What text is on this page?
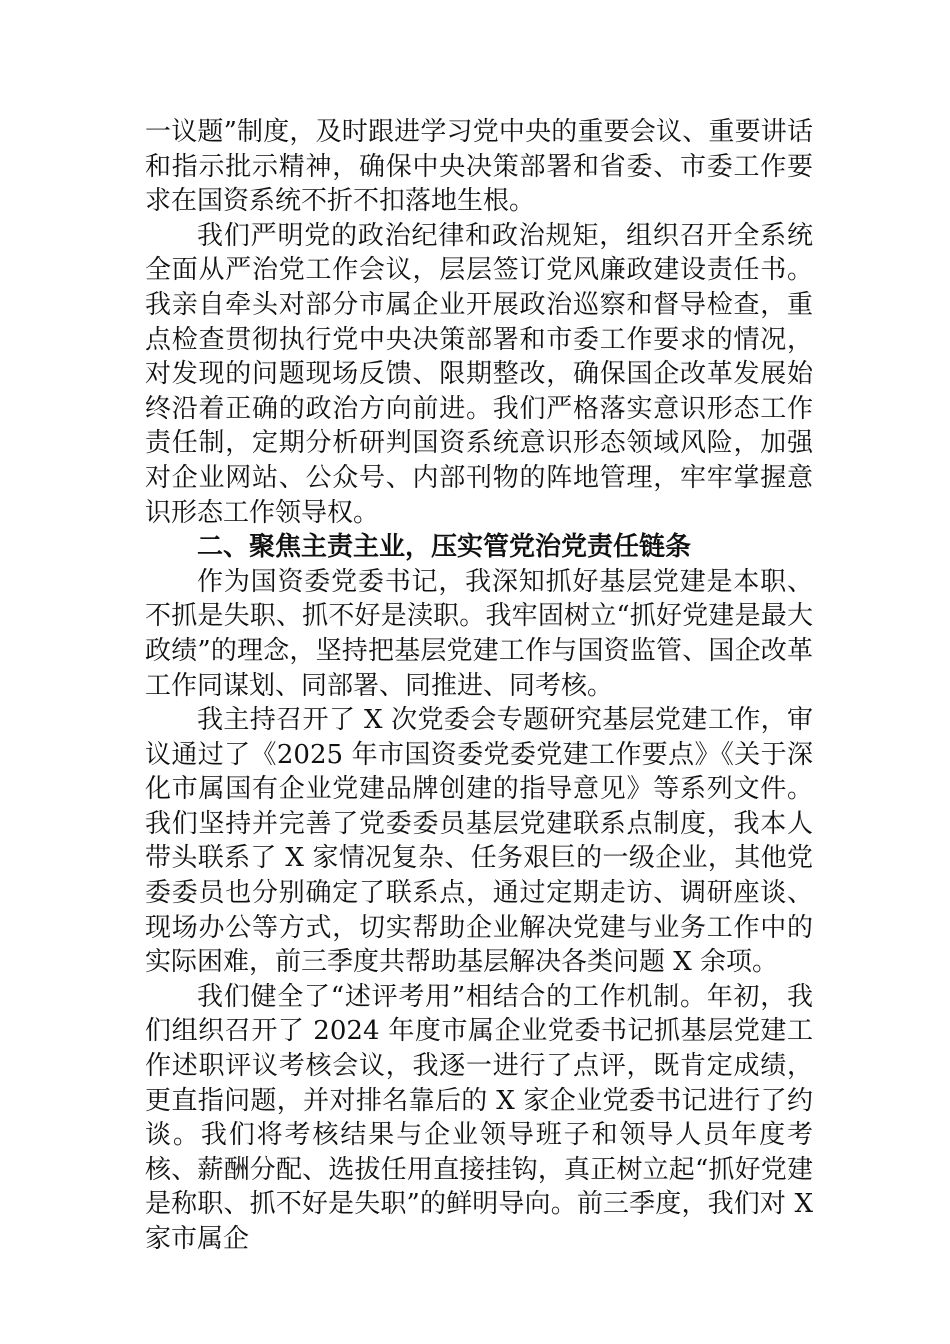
一议题”制度，及时跟进学习党中央的重要会议、重要讲话和指示批示精神，确保中央决策部署和省委、市委工作要求在国资系统不折不扣落地生根。

我们严明党的政治纪律和政治规矩，组织召开全系统全面从严治党工作会议，层层签订党风廉政建设责任书。我亲自牵头对部分市属企业开展政治巡察和督导检查，重点检查贯彻执行党中央决策部署和市委工作要求的情况，对发现的问题现场反馈、限期整改，确保国企改革发展始终沿着正确的政治方向前进。我们严格落实意识形态工作责任制，定期分析研判国资系统意识形态领域风险，加强对企业网站、公众号、内部刊物的阵地管理，牢牢掌握意识形态工作领导权。

二、聚焦主责主业，压实管党治党责任链条

作为国资委党委书记，我深知抓好基层党建是本职、不抓是失职、抓不好是渎职。我牢固树立“抓好党建是最大政绩”的理念，坚持把基层党建工作与国资监管、国企改革工作同谋划、同部署、同推进、同考核。

我主持召开了 X 次党委会专题研究基层党建工作，审议通过了《2025 年市国资委党委党建工作要点》《关于深化市属国有企业党建品牌创建的指导意见》等系列文件。我们坚持并完善了党委委员基层党建联系点制度，我本人带头联系了 X 家情况复杂、任务艰巨的一级企业，其他党委委员也分别确定了联系点，通过定期走访、调研座谈、现场办公等方式，切实帮助企业解决党建与业务工作中的实际困难，前三季度共帮助基层解决各类问题 X 余项。

我们健全了“述评考用”相结合的工作机制。年初，我们组织召开了 2024 年度市属企业党委书记抓基层党建工作述职评议考核会议，我逐一进行了点评，既肯定成绩，更直指问题，并对排名靠后的 X 家企业党委书记进行了约谈。我们将考核结果与企业领导班子和领导人员年度考核、薪酬分配、选拔任用直接挂钩，真正树立起“抓好党建是称职、抓不好是失职”的鲜明导向。前三季度，我们对 X 家市属企
